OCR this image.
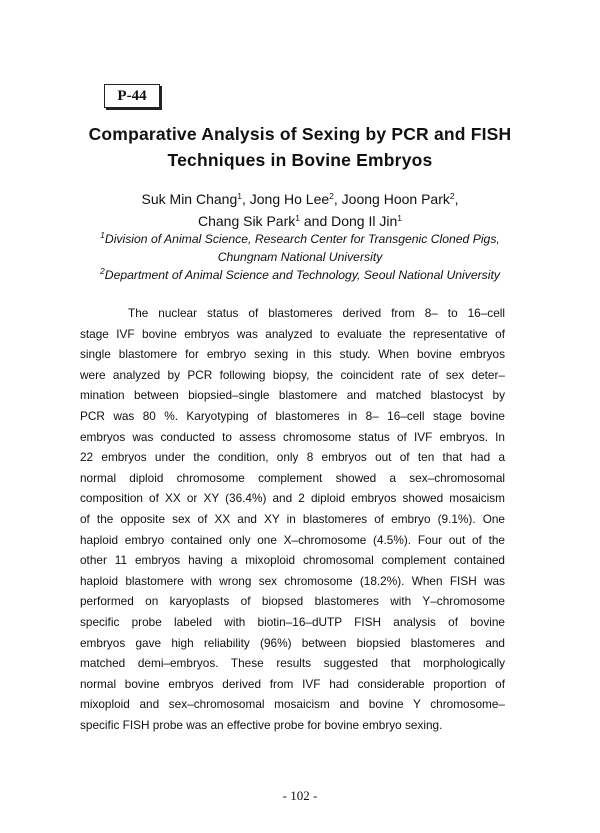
P-44
Comparative Analysis of Sexing by PCR and FISH
Techniques in Bovine Embryos
Suk Min Chang$^1$, Jong Ho Lee$^2$, Joong Hoon Park$^2$,
Chang Sik Park$^1$ and Dong Il Jin$^1$
$^1$Division of Animal Science, Research Center for Transgenic Cloned Pigs,
Chungnam National University
$^2$Department of Animal Science and Technology, Seoul National University
The nuclear status of blastomeres derived from 8– to 16–cell
stage IVF bovine embryos was analyzed to evaluate the representative of
single blastomere for embryo sexing in this study. When bovine embryos
were analyzed by PCR following biopsy, the coincident rate of sex deter–
mination between biopsied–single blastomere and matched blastocyst by
PCR was 80 %. Karyotyping of blastomeres in 8– 16–cell stage bovine
embryos was conducted to assess chromosome status of IVF embryos. In
22 embryos under the condition, only 8 embryos out of ten that had a
normal diploid chromosome complement showed a sex–chromosomal
composition of XX or XY (36.4%) and 2 diploid embryos showed mosaicism
of the opposite sex of XX and XY in blastomeres of embryo (9.1%). One
haploid embryo contained only one X–chromosome (4.5%). Four out of the
other 11 embryos having a mixoploid chromosomal complement contained
haploid blastomere with wrong sex chromosome (18.2%). When FISH was
performed on karyoplasts of biopsed blastomeres with Y–chromosome
specific probe labeled with biotin–16–dUTP FISH analysis of bovine
embryos gave high reliability (96%) between biopsied blastomeres and
matched demi–embryos. These results suggested that morphologically
normal bovine embryos derived from IVF had considerable proportion of
mixoploid and sex–chromosomal mosaicism and bovine Y chromosome–
specific FISH probe was an effective probe for bovine embryo sexing.
- 102 -
